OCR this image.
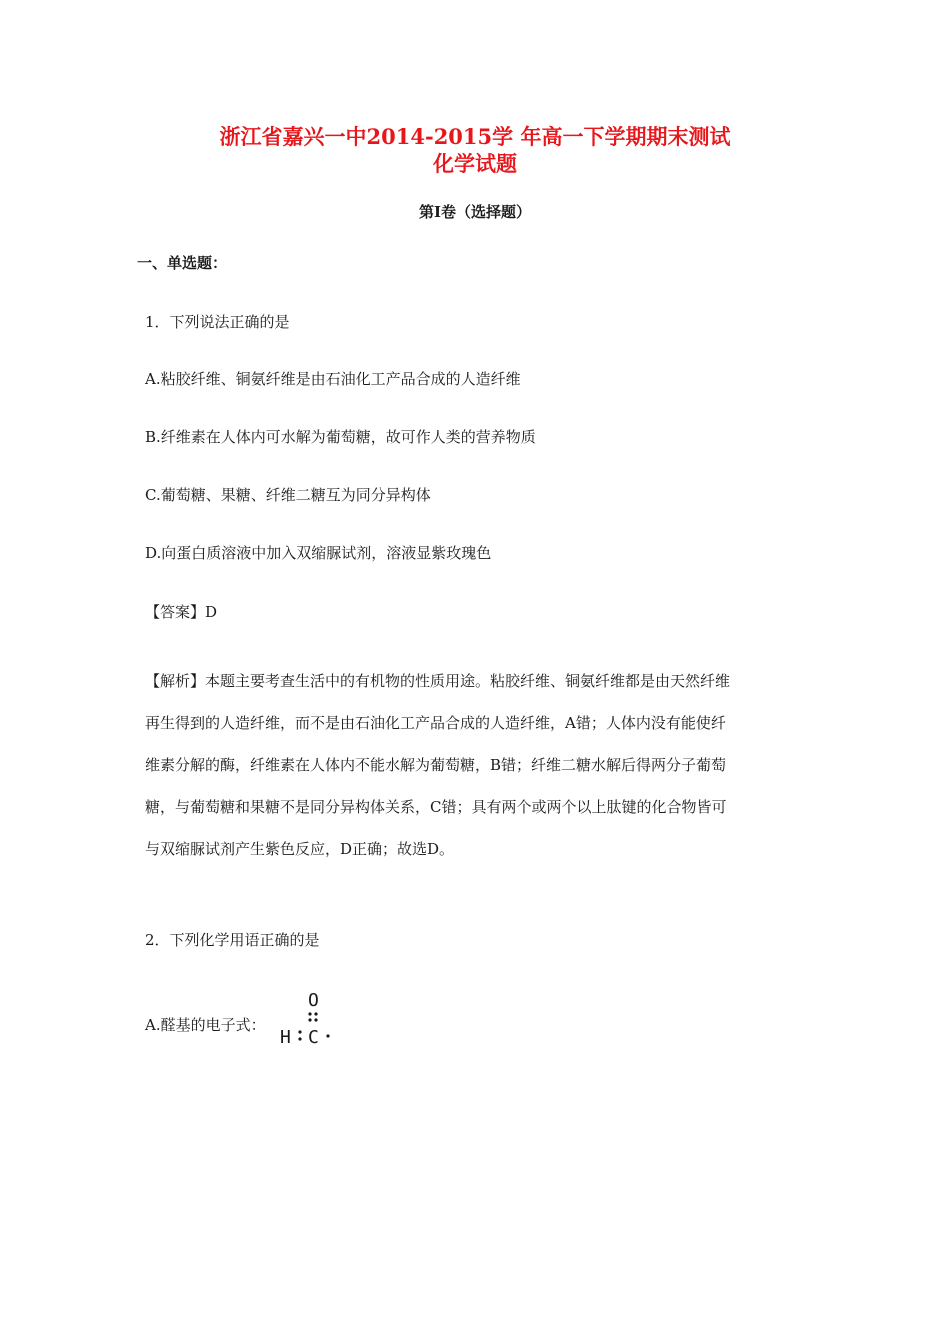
浙江省嘉兴一中2014-2015学 年高一下学期期末测试
化学试题
第Ⅰ卷（选择题）
一、单选题：
1．下列说法正确的是
A.粘胶纤维、铜氨纤维是由石油化工产品合成的人造纤维
B.纤维素在人体内可水解为葡萄糖，故可作人类的营养物质
C.葡萄糖、果糖、纤维二糖互为同分异构体
D.向蛋白质溶液中加入双缩脲试剂，溶液显紫玫瑰色
【答案】D
【解析】本题主要考查生活中的有机物的性质用途。粘胶纤维、铜氨纤维都是由天然纤维
再生得到的人造纤维，而不是由石油化工产品合成的人造纤维，A错；人体内没有能使纤
维素分解的酶，纤维素在人体内不能水解为葡萄糖，B错；纤维二糖水解后得两分子葡萄
糖，与葡萄糖和果糖不是同分异构体关系，C错；具有两个或两个以上肽键的化合物皆可
与双缩脲试剂产生紫色反应，D正确；故选D。
2．下列化学用语正确的是
A.醛基的电子式：
O
H C
